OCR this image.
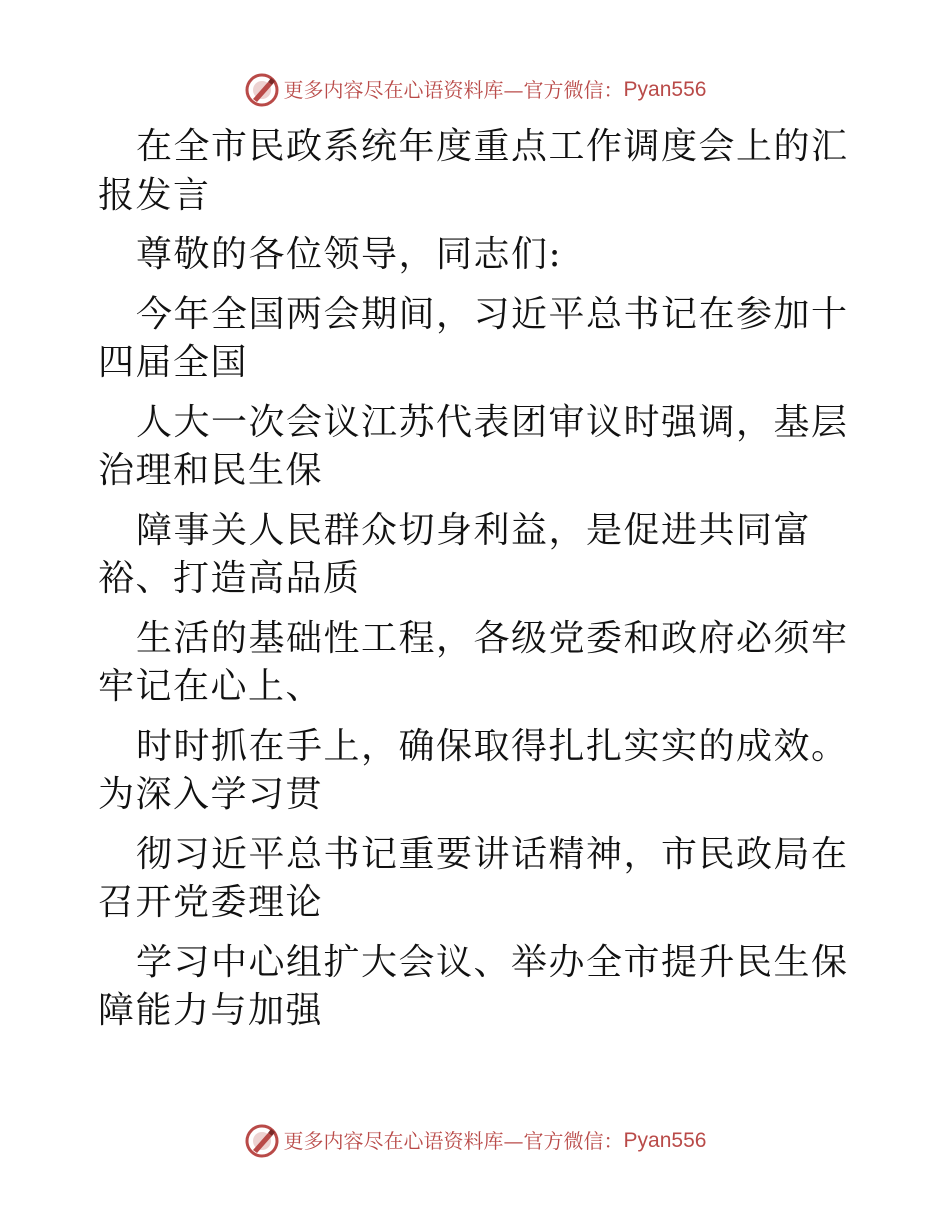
更多内容尽在心语资料库 — 官方微信： Pyan556

在全市民政系统年度重点工作调度会上的汇报发言

尊敬的各位领导，同志们:

今年全国两会期间，习近平总书记在参加十四届全国

人大一次会议江苏代表团审议时强调，基层治理和民生保

障事关人民群众切身利益，是促进共同富裕、打造高品质

生活的基础性工程，各级党委和政府必须牢牢记在心上、

时时抓在手上，确保取得扎扎实实的成效。为深入学习贯

彻习近平总书记重要讲话精神，市民政局在召开党委理论

学习中心组扩大会议、举办全市提升民生保障能力与加强

更多内容尽在心语资料库 — 官方微信： Pyan556
